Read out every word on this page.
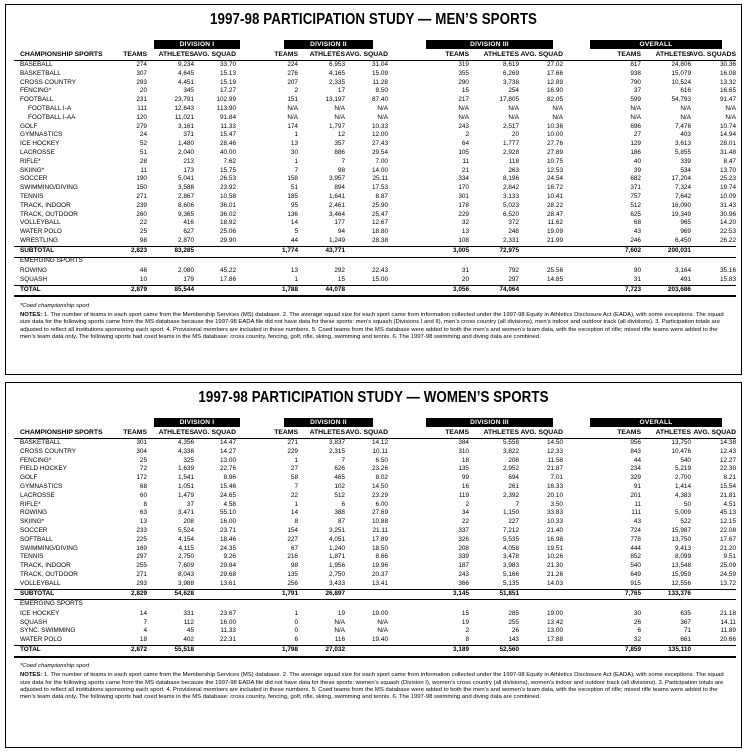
1997-98 PARTICIPATION STUDY — MEN’S SPORTS
DIVISION I	DIVISION II	DIVISION III	OVERALL
CHAMPIONSHIP SPORTS	TEAMS ATHLETES AVG. SQUAD	TEAMS ATHLETES AVG. SQUAD	TEAMS ATHLETES AVG. SQUAD	TEAMS ATHLETES
AVG. SQUADS
BASEBALL	274	9,234	33.70	224	6,953	31.04	319	8,619	27.02	817	24,806	30.36
BASKETBALL	307	4,645	15.13	276	4,165	15.09	355	6,269	17.66	938	15,079	16.08
CROSS COUNTRY	293	4,451	15.19	207	2,335	11.28	290	3,738	12.89	790	10,524	13.32
FENCING*	20	345	17.27	2	17	8.50	15	254	16.90	37	616	16.65
FOOTBALL	231	23,791	102.99	151	13,197	87.40	217	17,805	82.05	599	54,793	91.47
FOOTBALL I-A	111	12,643	113.90	N/A	N/A	N/A	N/A	N/A	N/A	N/A	N/A	N/A
FOOTBALL I-AA	120	11,021	91.84	N/A	N/A	N/A	N/A	N/A	N/A	N/A	N/A	N/A
GOLF	279	3,161	11.33	174	1,797	10.33	243	2,517	10.36	696	7,476	10.74
GYMNASTICS	24	371	15.47	1	12	12.00	2	20	10.00	27	403	14.94
ICE HOCKEY	52	1,480	28.46	13	357	27.43	64	1,777	27.76	129	3,613	28.01
LACROSSE	51	2,040	40.00	30	886	29.54	105	2,928	27.89	186	5,855	31.48
RIFLE*	28	213	7.62	1	7	7.00	11	118	10.75	40	339	8.47
SKIING*	11	173	15.75	7	98	14.00	21	263	12.53	39	534	13.70
SOCCER	190	5,041	26.53	158	3,957	25.11	334	8,196	24.54	682	17,204	25.23
SWIMMING/DIVING	150	3,588	23.92	51	894	17.53	170	2,842	16.72	371	7,324	19.74
TENNIS	271	2,867	10.58	185	1,641	8.87	301	3,133	10.41	757	7,642	10.09
TRACK, INDOOR	239	8,606	36.01	95	2,461	25.90	178	5,023	28.22	512	16,090	31.43
TRACK, OUTDOOR	260	9,365	36.02	136	3,464	25.47	229	6,520	28.47	625	19,349	30.96
VOLLEYBALL	22	416	18.92	14	177	12.67	32	372	11.62	68	965	14.20
WATER POLO	25	627	25.06	5	94	18.80	13	248	19.09	43	969	22.53
WRESTLING	98	2,870	29.90	44	1,249	28.38	108	2,331	21.99	246	6,450	26.22
SUBTOTAL	2,823	83,285	1,774	43,771	3,005	72,975	7,602	200,031
EMERGING SPORTS
ROWING	46	2,080	45.22	13	292	22.43	31	792	25.56	90	3,164	35.16
SQUASH	10	179	17.86	1	15	15.00	20	297	14.85	31	491	15.83
TOTAL	2,879	85,544	1,788	44,078	3,056	74,064	7,723	203,686
*Coed championship sport
NOTES: 1. The number of teams in each sport came from the Membership Services (MS) database. 2. The average squad size for each sport came from information collected under the 1997-98 Equity in Athletics Disclosure Act (EADA), with some exceptions. The squad size data for the following sports came from the MS database because the 1997-98 EADA file did not have data for these sports: men’s squash (Divisions I and II), men’s cross country (all divisions), men’s indoor and outdoor track (all divisions). 3. Participation totals are adjusted to reflect all institutions sponsoring each sport. 4. Provisional members are included in these numbers. 5. Coed teams from the MS database were added to both the men’s and women’s team data, with the exception of rifle; mixed rifle teams were added to the men’s team data only. The following sports had coed teams in the MS database: cross country, fencing, golf, rifle, skiing, swimming and tennis. 6. The 1997-98 swimming and diving data are combined.
1997-98 PARTICIPATION STUDY — WOMEN’S SPORTS
DIVISION I	DIVISION II	DIVISION III	OVERALL
CHAMPIONSHIP SPORTS	TEAMS ATHLETES AVG. SQUAD	TEAMS ATHLETES AVG. SQUAD	TEAMS ATHLETES AVG. SQUAD	TEAMS ATHLETES AVG. SQUAD
BASKETBALL	301	4,356	14.47	271	3,837	14.12	384	5,558	14.50	956	13,750	14.38
CROSS COUNTRY	304	4,338	14.27	229	2,315	10.11	310	3,822	12.33	843	10,476	12.43
FENCING*	25	325	13.00	1	7	6.50	18	208	11.58	44	540	12.27
FIELD HOCKEY	72	1,639	22.76	27	626	23.26	135	2,952	21.87	234	5,219	22.30
GOLF	172	1,541	8.96	58	465	8.02	99	694	7.01	329	2,700	8.21
GYMNASTICS	68	1,051	15.46	7	102	14.50	16	261	16.33	91	1,414	15.54
LACROSSE	60	1,479	24.65	22	512	23.29	119	2,392	20.10	201	4,383	21.81
RIFLE*	8	37	4.58	1	6	6.00	2	7	3.50	11	50	4.51
ROWING	63	3,471	55.10	14	388	27.69	34	1,150	33.83	111	5,009	45.13
SKIING*	13	208	16.00	8	87	10.88	22	227	10.33	43	522	12.15
SOCCER	233	5,524	23.71	154	3,251	21.11	337	7,212	21.40	724	15,987	22.08
SOFTBALL	225	4,154	18.46	227	4,051	17.89	326	5,535	16.98	778	13,750	17.67
SWIMMING/DIVING	169	4,115	24.35	67	1,240	18.50	208	4,058	19.51	444	9,413	21.20
TENNIS	297	2,750	9.26	216	1,871	8.66	339	3,478	10.26	852	8,099	9.51
TRACK, INDOOR	255	7,609	29.84	98	1,956	19.96	187	3,983	21.30	540	13,548	25.09
TRACK, OUTDOOR	271	8,043	29.68	135	2,750	20.37	243	5,166	21.26	649	15,959	24.59
VOLLEYBALL	293	3,988	13.61	256	3,433	13.41	366	5,135	14.03	915	12,556	13.72
SUBTOTAL	2,829	54,628	1,791	26,897	3,145	51,851	7,765	133,376
EMERGING SPORTS
ICE HOCKEY	14	331	23.67	1	19	19.00	15	285	19.00	30	635	21.18
SQUASH	7	112	16.00	0	N/A	N/A	19	255	13.42	26	367	14.11
SYNC. SWIMMING	4	45	11.33	0	N/A	N/A	2	26	13.00	6	71	11.89
WATER POLO	18	402	22.31	6	116	19.40	8	143	17.88	32	661	20.66
TOTAL	2,872	55,518	1,798	27,032	3,189	52,560	7,859	135,110
*Coed championship sport
NOTES: 1. The number of teams in each sport came from the Membership Services (MS) database. 2. The average squad size for each sport came from information collected under the 1997-98 Equity in Athletics Disclosure Act (EADA), with some exceptions. The squad size data for the following sports came from the MS database because the 1997-98 EADA file did not have data for these sports: women’s squash (Division I), women’s cross country (all divisions), women’s indoor and outdoor track (all divisions). 3. Participation totals are adjusted to reflect all institutions sponsoring each sport. 4. Provisional members are included in these numbers. 5. Coed teams from the MS database were added to both the men’s and women’s team data, with the exception of rifle; mixed rifle teams were added to the men’s team data only. The following sports had coed teams in the MS database: cross country, fencing, golf, rifle, skiing, swimming and tennis. 6. The 1997-98 swimming and diving data are combined.
